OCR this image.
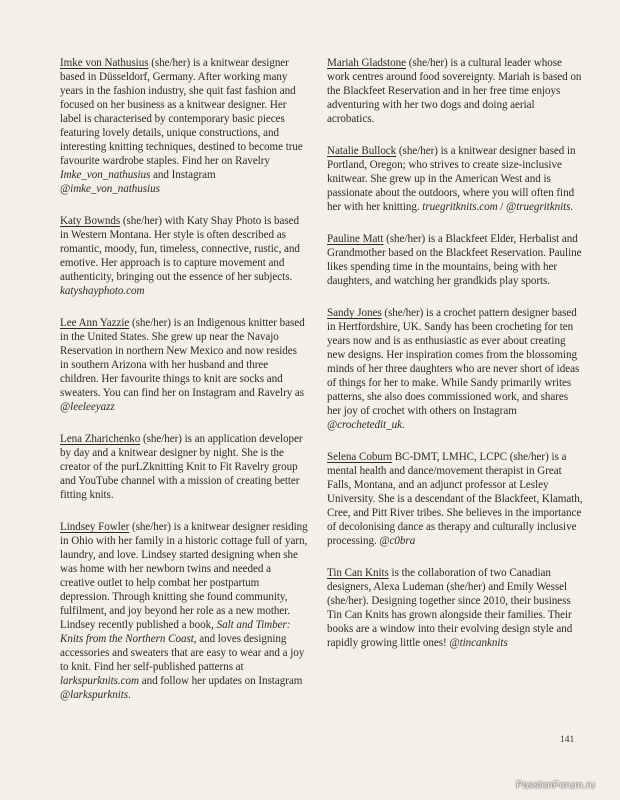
Imke von Nathusius (she/her) is a knitwear designer based in Düsseldorf, Germany. After working many years in the fashion industry, she quit fast fashion and focused on her business as a knitwear designer. Her label is characterised by contemporary basic pieces featuring lovely details, unique constructions, and interesting knitting techniques, destined to become true favourite wardrobe staples. Find her on Ravelry Imke_von_nathusius and Instagram @imke_von_nathusius

Katy Bownds (she/her) with Katy Shay Photo is based in Western Montana. Her style is often described as romantic, moody, fun, timeless, connective, rustic, and emotive. Her approach is to capture movement and authenticity, bringing out the essence of her subjects. katyshayphoto.com

Lee Ann Yazzie (she/her) is an Indigenous knitter based in the United States. She grew up near the Navajo Reservation in northern New Mexico and now resides in southern Arizona with her husband and three children. Her favourite things to knit are socks and sweaters. You can find her on Instagram and Ravelry as @leeleeyazz

Lena Zharichenko (she/her) is an application developer by day and a knitwear designer by night. She is the creator of the purLZknitting Knit to Fit Ravelry group and YouTube channel with a mission of creating better fitting knits.

Lindsey Fowler (she/her) is a knitwear designer residing in Ohio with her family in a historic cottage full of yarn, laundry, and love. Lindsey started designing when she was home with her newborn twins and needed a creative outlet to help combat her postpartum depression. Through knitting she found community, fulfilment, and joy beyond her role as a new mother. Lindsey recently published a book, Salt and Timber: Knits from the Northern Coast, and loves designing accessories and sweaters that are easy to wear and a joy to knit. Find her self-published patterns at larkspurknits.com and follow her updates on Instagram @larkspurknits.

Mariah Gladstone (she/her) is a cultural leader whose work centres around food sovereignty. Mariah is based on the Blackfeet Reservation and in her free time enjoys adventuring with her two dogs and doing aerial acrobatics.

Natalie Bullock (she/her) is a knitwear designer based in Portland, Oregon; who strives to create size-inclusive knitwear. She grew up in the American West and is passionate about the outdoors, where you will often find her with her knitting. truegritknits.com / @truegritknits.

Pauline Matt (she/her) is a Blackfeet Elder, Herbalist and Grandmother based on the Blackfeet Reservation. Pauline likes spending time in the mountains, being with her daughters, and watching her grandkids play sports.

Sandy Jones (she/her) is a crochet pattern designer based in Hertfordshire, UK. Sandy has been crocheting for ten years now and is as enthusiastic as ever about creating new designs. Her inspiration comes from the blossoming minds of her three daughters who are never short of ideas of things for her to make. While Sandy primarily writes patterns, she also does commissioned work, and shares her joy of crochet with others on Instagram @crochetedit_uk.

Selena Coburn BC-DMT, LMHC, LCPC (she/her) is a mental health and dance/movement therapist in Great Falls, Montana, and an adjunct professor at Lesley University. She is a descendant of the Blackfeet, Klamath, Cree, and Pitt River tribes. She believes in the importance of decolonising dance as therapy and culturally inclusive processing. @c0bra

Tin Can Knits is the collaboration of two Canadian designers, Alexa Ludeman (she/her) and Emily Wessel (she/her). Designing together since 2010, their business Tin Can Knits has grown alongside their families. Their books are a window into their evolving design style and rapidly growing little ones! @tincanknits

141
PassionForum.ru
